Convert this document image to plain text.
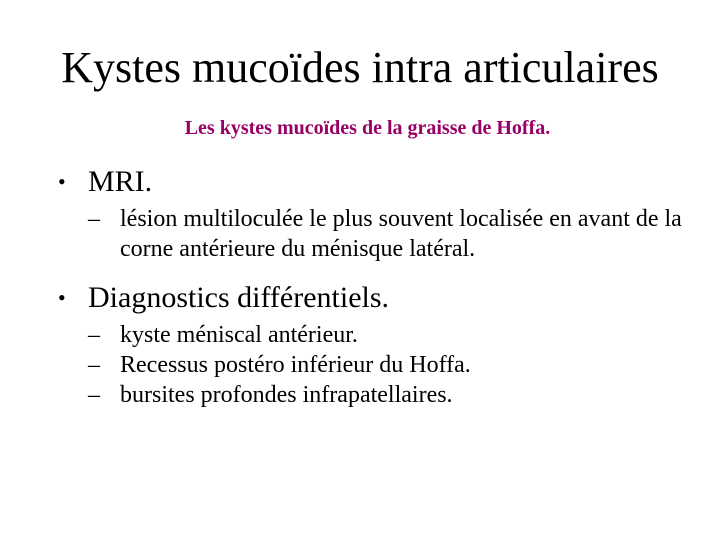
Kystes mucoïdes intra articulaires
Les kystes mucoïdes de la graisse de Hoffa.
• MRI.
– lésion multiloculée le plus souvent localisée en avant de la corne antérieure du ménisque latéral.
• Diagnostics différentiels.
– kyste méniscal antérieur.
– Recessus postéro inférieur du Hoffa.
– bursites profondes infrapatellaires.
